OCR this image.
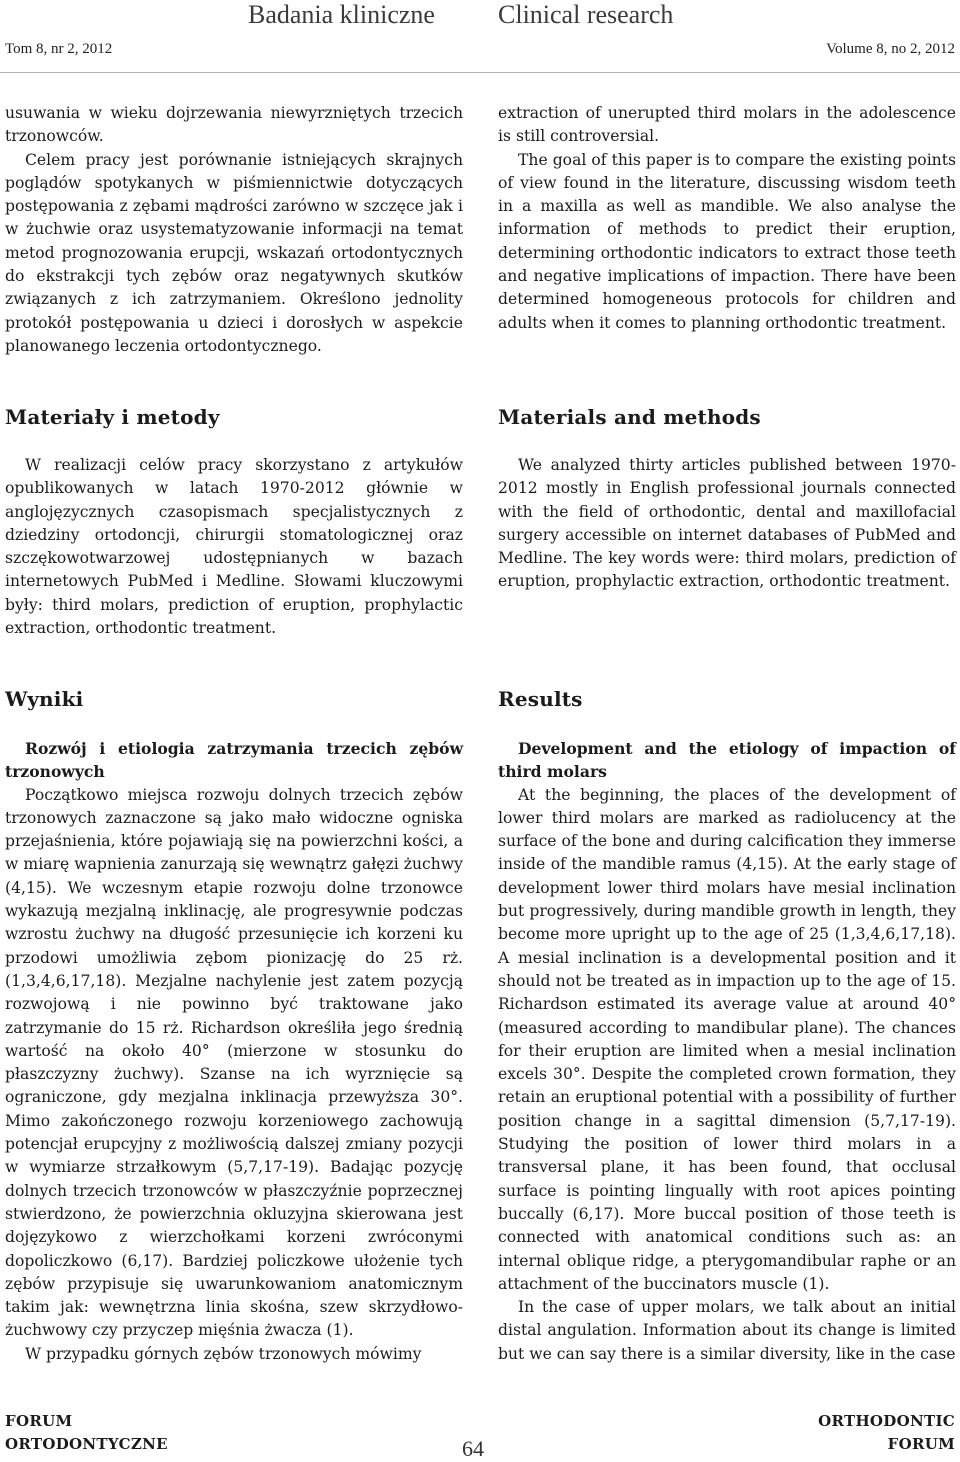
Badania kliniczne Clinical research
Tom 8, nr 2, 2012	Volume 8, no 2, 2012

usuwania w wieku dojrzewania niewyrzniętych trzecich trzonowców.

Celem pracy jest porównanie istniejących skrajnych poglądów spotykanych w piśmiennictwie dotyczących postępowania z zębami mądrości zarówno w szczęce jak i w żuchwie oraz usystematyzowanie informacji na temat metod prognozowania erupcji, wskazań ortodontycznych do ekstrakcji tych zębów oraz negatywnych skutków związanych z ich zatrzymaniem. Określono jednolity protokół postępowania u dzieci i dorosłych w aspekcie planowanego leczenia ortodontycznego.

extraction of unerupted third molars in the adolescence is still controversial.

The goal of this paper is to compare the existing points of view found in the literature, discussing wisdom teeth in a maxilla as well as mandible. We also analyse the information of methods to predict their eruption, determining orthodontic indicators to extract those teeth and negative implications of impaction. There have been determined homogeneous protocols for children and adults when it comes to planning orthodontic treatment.

Materiały i metody	Materials and methods

W realizacji celów pracy skorzystano z artykułów opublikowanych w latach 1970-2012 głównie w anglojęzycznych czasopismach specjalistycznych z dziedziny ortodoncji, chirurgii stomatologicznej oraz szczękowotwarzowej udostępnianych w bazach internetowych PubMed i Medline. Słowami kluczowymi były: third molars, prediction of eruption, prophylactic extraction, orthodontic treatment.

We analyzed thirty articles published between 1970-2012 mostly in English professional journals connected with the field of orthodontic, dental and maxillofacial surgery accessible on internet databases of PubMed and Medline. The key words were: third molars, prediction of eruption, prophylactic extraction, orthodontic treatment.

Wyniki	Results

Rozwój i etiologia zatrzymania trzecich zębów trzonowych

Początkowo miejsca rozwoju dolnych trzecich zębów trzonowych zaznaczone są jako mało widoczne ogniska przejaśnienia, które pojawiają się na powierzchni kości, a w miarę wapnienia zanurzają się wewnątrz gałęzi żuchwy (4,15). We wczesnym etapie rozwoju dolne trzonowce wykazują mezjalną inklinację, ale progresywnie podczas wzrostu żuchwy na długość przesunięcie ich korzeni ku przodowi umożliwia zębom pionizację do 25 rż. (1,3,4,6,17,18). Mezjalne nachylenie jest zatem pozycją rozwojową i nie powinno być traktowane jako zatrzymanie do 15 rż. Richardson określiła jego średnią wartość na około 40° (mierzone w stosunku do płaszczyzny żuchwy). Szanse na ich wyrznięcie są ograniczone, gdy mezjalna inklinacja przewyższa 30°. Mimo zakończonego rozwoju korzeniowego zachowują potencjał erupcyjny z możliwością dalszej zmiany pozycji w wymiarze strzałkowym (5,7,17-19). Badając pozycję dolnych trzecich trzonowców w płaszczyźnie poprzecznej stwierdzono, że powierzchnia okluzyjna skierowana jest dojęzykowo z wierzchołkami korzeni zwróconymi dopoliczkowo (6,17). Bardziej policzkowe ułożenie tych zębów przypisuje się uwarunkowaniom anatomicznym takim jak: wewnętrzna linia skośna, szew skrzydłowo-żuchwowy czy przyczep mięśnia żwacza (1).

W przypadku górnych zębów trzonowych mówimy

Development and the etiology of impaction of third molars

At the beginning, the places of the development of lower third molars are marked as radiolucency at the surface of the bone and during calcification they immerse inside of the mandible ramus (4,15). At the early stage of development lower third molars have mesial inclination but progressively, during mandible growth in length, they become more upright up to the age of 25 (1,3,4,6,17,18). A mesial inclination is a developmental position and it should not be treated as in impaction up to the age of 15. Richardson estimated its average value at around 40° (measured according to mandibular plane). The chances for their eruption are limited when a mesial inclination excels 30°. Despite the completed crown formation, they retain an eruptional potential with a possibility of further position change in a sagittal dimension (5,7,17-19). Studying the position of lower third molars in a transversal plane, it has been found, that occlusal surface is pointing lingually with root apices pointing buccally (6,17). More buccal position of those teeth is connected with anatomical conditions such as: an internal oblique ridge, a pterygomandibular raphe or an attachment of the buccinators muscle (1).

In the case of upper molars, we talk about an initial distal angulation. Information about its change is limited but we can say there is a similar diversity, like in the case

FORUM
ORTODONTYCZNE	64
ORTHODONTIC
FORUM
